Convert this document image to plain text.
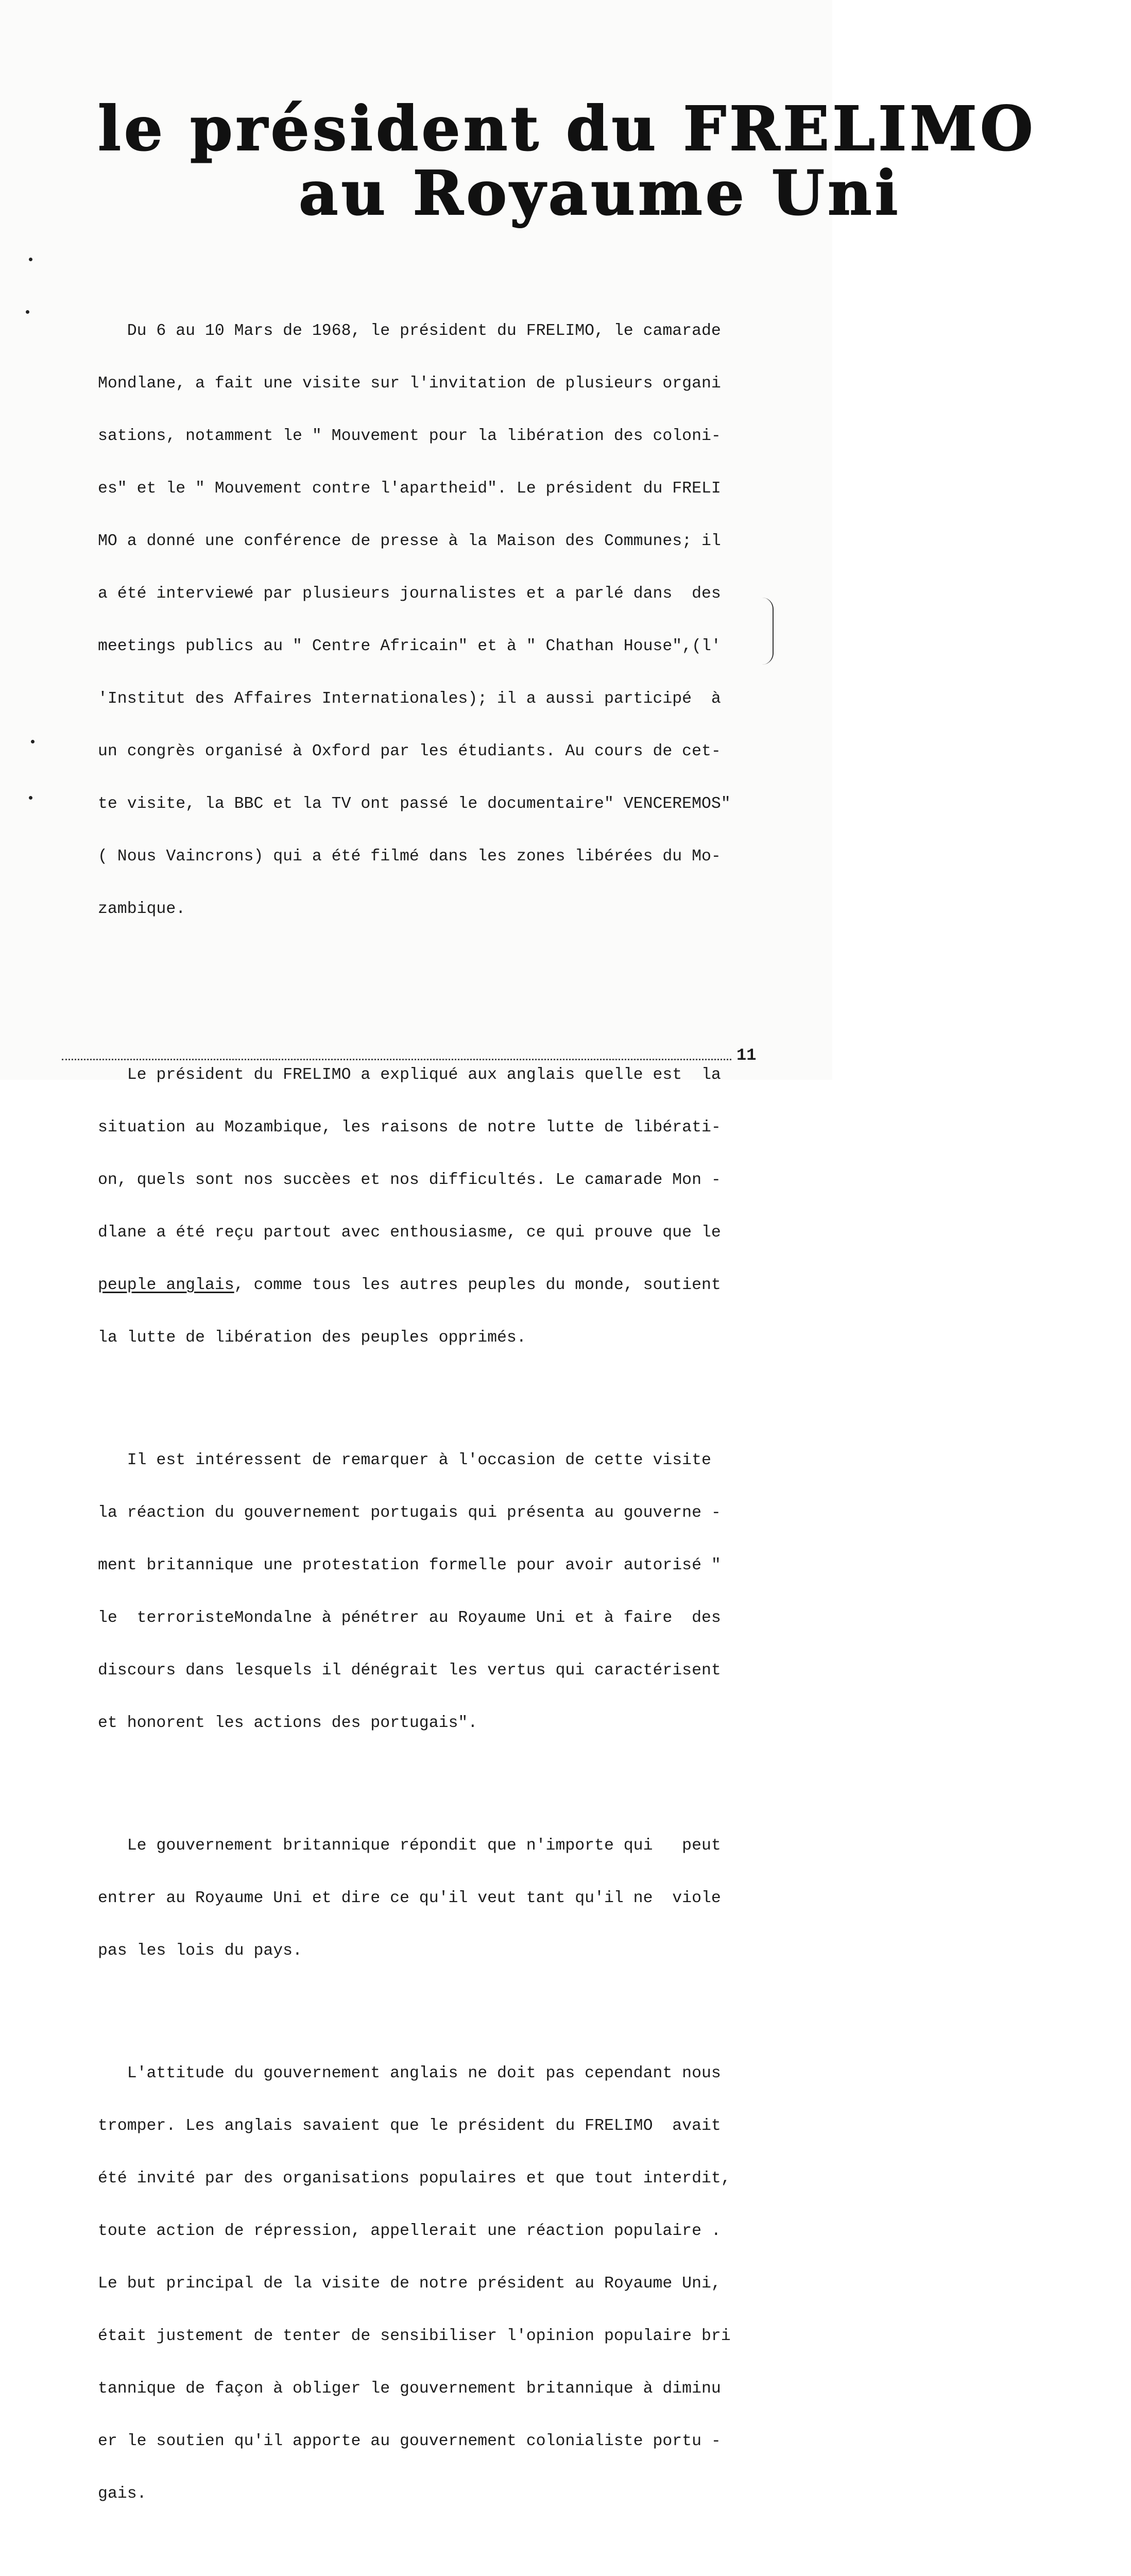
le président du FRELIMO
au Royaume Uni

Du 6 au 10 Mars de 1968, le président du FRELIMO, le camarade

Mondlane, a fait une visite sur l'invitation de plusieurs organi

sations, notamment le " Mouvement pour la libération des coloni-

es" et le " Mouvement contre l'apartheid". Le président du FRELI

MO a donné une conférence de presse à la Maison des Communes; il

a été interviewé par plusieurs journalistes et a parlé dans  des

meetings publics au " Centre Africain" et à " Chathan House",(l'

'Institut des Affaires Internationales); il a aussi participé  à

un congrès organisé à Oxford par les étudiants. Au cours de cet-

te visite, la BBC et la TV ont passé le documentaire" VENCEREMOS"

( Nous Vaincrons) qui a été filmé dans les zones libérées du Mo-

zambique.

Le président du FRELIMO a expliqué aux anglais quelle est  la

situation au Mozambique, les raisons de notre lutte de libérati-

on, quels sont nos succèes et nos difficultés. Le camarade Mon -

dlane a été reçu partout avec enthousiasme, ce qui prouve que le

peuple anglais, comme tous les autres peuples du monde, soutient

la lutte de libération des peuples opprimés.

Il est intéressent de remarquer à l'occasion de cette visite

la réaction du gouvernement portugais qui présenta au gouverne -

ment britannique une protestation formelle pour avoir autorisé "

le  terroristeMondalne à pénétrer au Royaume Uni et à faire  des

discours dans lesquels il dénégrait les vertus qui caractérisent

et honorent les actions des portugais".

Le gouvernement britannique répondit que n'importe qui   peut

entrer au Royaume Uni et dire ce qu'il veut tant qu'il ne  viole

pas les lois du pays.

L'attitude du gouvernement anglais ne doit pas cependant nous

tromper. Les anglais savaient que le président du FRELIMO  avait

été invité par des organisations populaires et que tout interdit,

toute action de répression, appellerait une réaction populaire .

Le but principal de la visite de notre président au Royaume Uni,

était justement de tenter de sensibiliser l'opinion populaire bri

tannique de façon à obliger le gouvernement britannique à diminu

er le soutien qu'il apporte au gouvernement colonialiste portu -

gais.

11
